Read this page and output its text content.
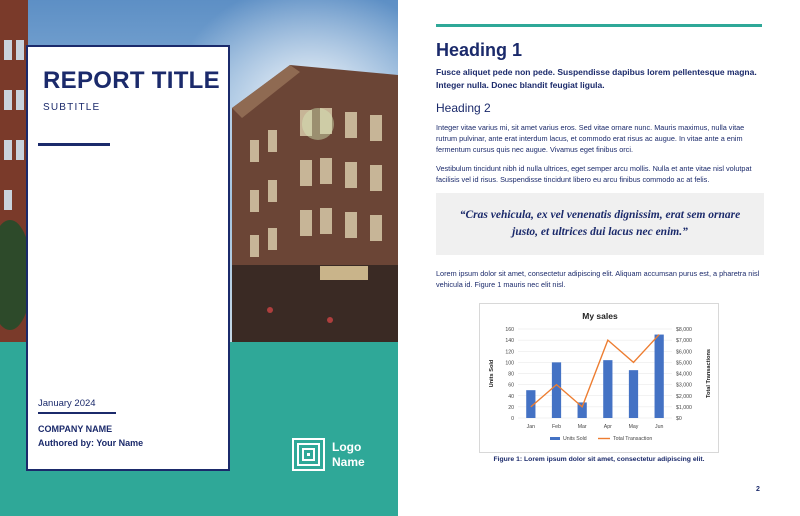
REPORT TITLE
SUBTITLE
January 2024
COMPANY NAME
Authored by: Your Name	Logo
Name
Heading 1
Fusce aliquet pede non pede. Suspendisse dapibus lorem pellentesque magna. Integer nulla. Donec blandit feugiat ligula.
Heading 2
Integer vitae varius mi, sit amet varius eros. Sed vitae ornare nunc. Mauris maximus, nulla vitae rutrum pulvinar, ante erat interdum lacus, et commodo erat risus ac augue. In vitae ante a enim fermentum cursus quis nec augue. Vivamus eget finibus orci.
Vestibulum tincidunt nibh id nulla ultrices, eget semper arcu mollis. Nulla et ante vitae nisl volutpat facilisis vel id risus. Suspendisse tincidunt libero eu arcu finibus commodo ac at felis.
“Cras vehicula, ex vel venenatis dignissim, erat sem ornare justo, et ultrices dui lacus nec enim.”
Lorem ipsum dolor sit amet, consectetur adipiscing elit. Aliquam accumsan purus est, a pharetra nisl vehicula id. Figure 1 mauris nec elit nisl.
My sales
0
20
40
60
80
100
120
140
160
$0
$1,000
$2,000
$3,000
$4,000
$5,000
$6,000
$7,000
$8,000
Units Sold	Total Transactions
Jan	Feb	Mar	Apr	May	Jun
Units Sold	Total Transaction
Figure 1: Lorem ipsum dolor sit amet, consectetur adipiscing elit.
2
